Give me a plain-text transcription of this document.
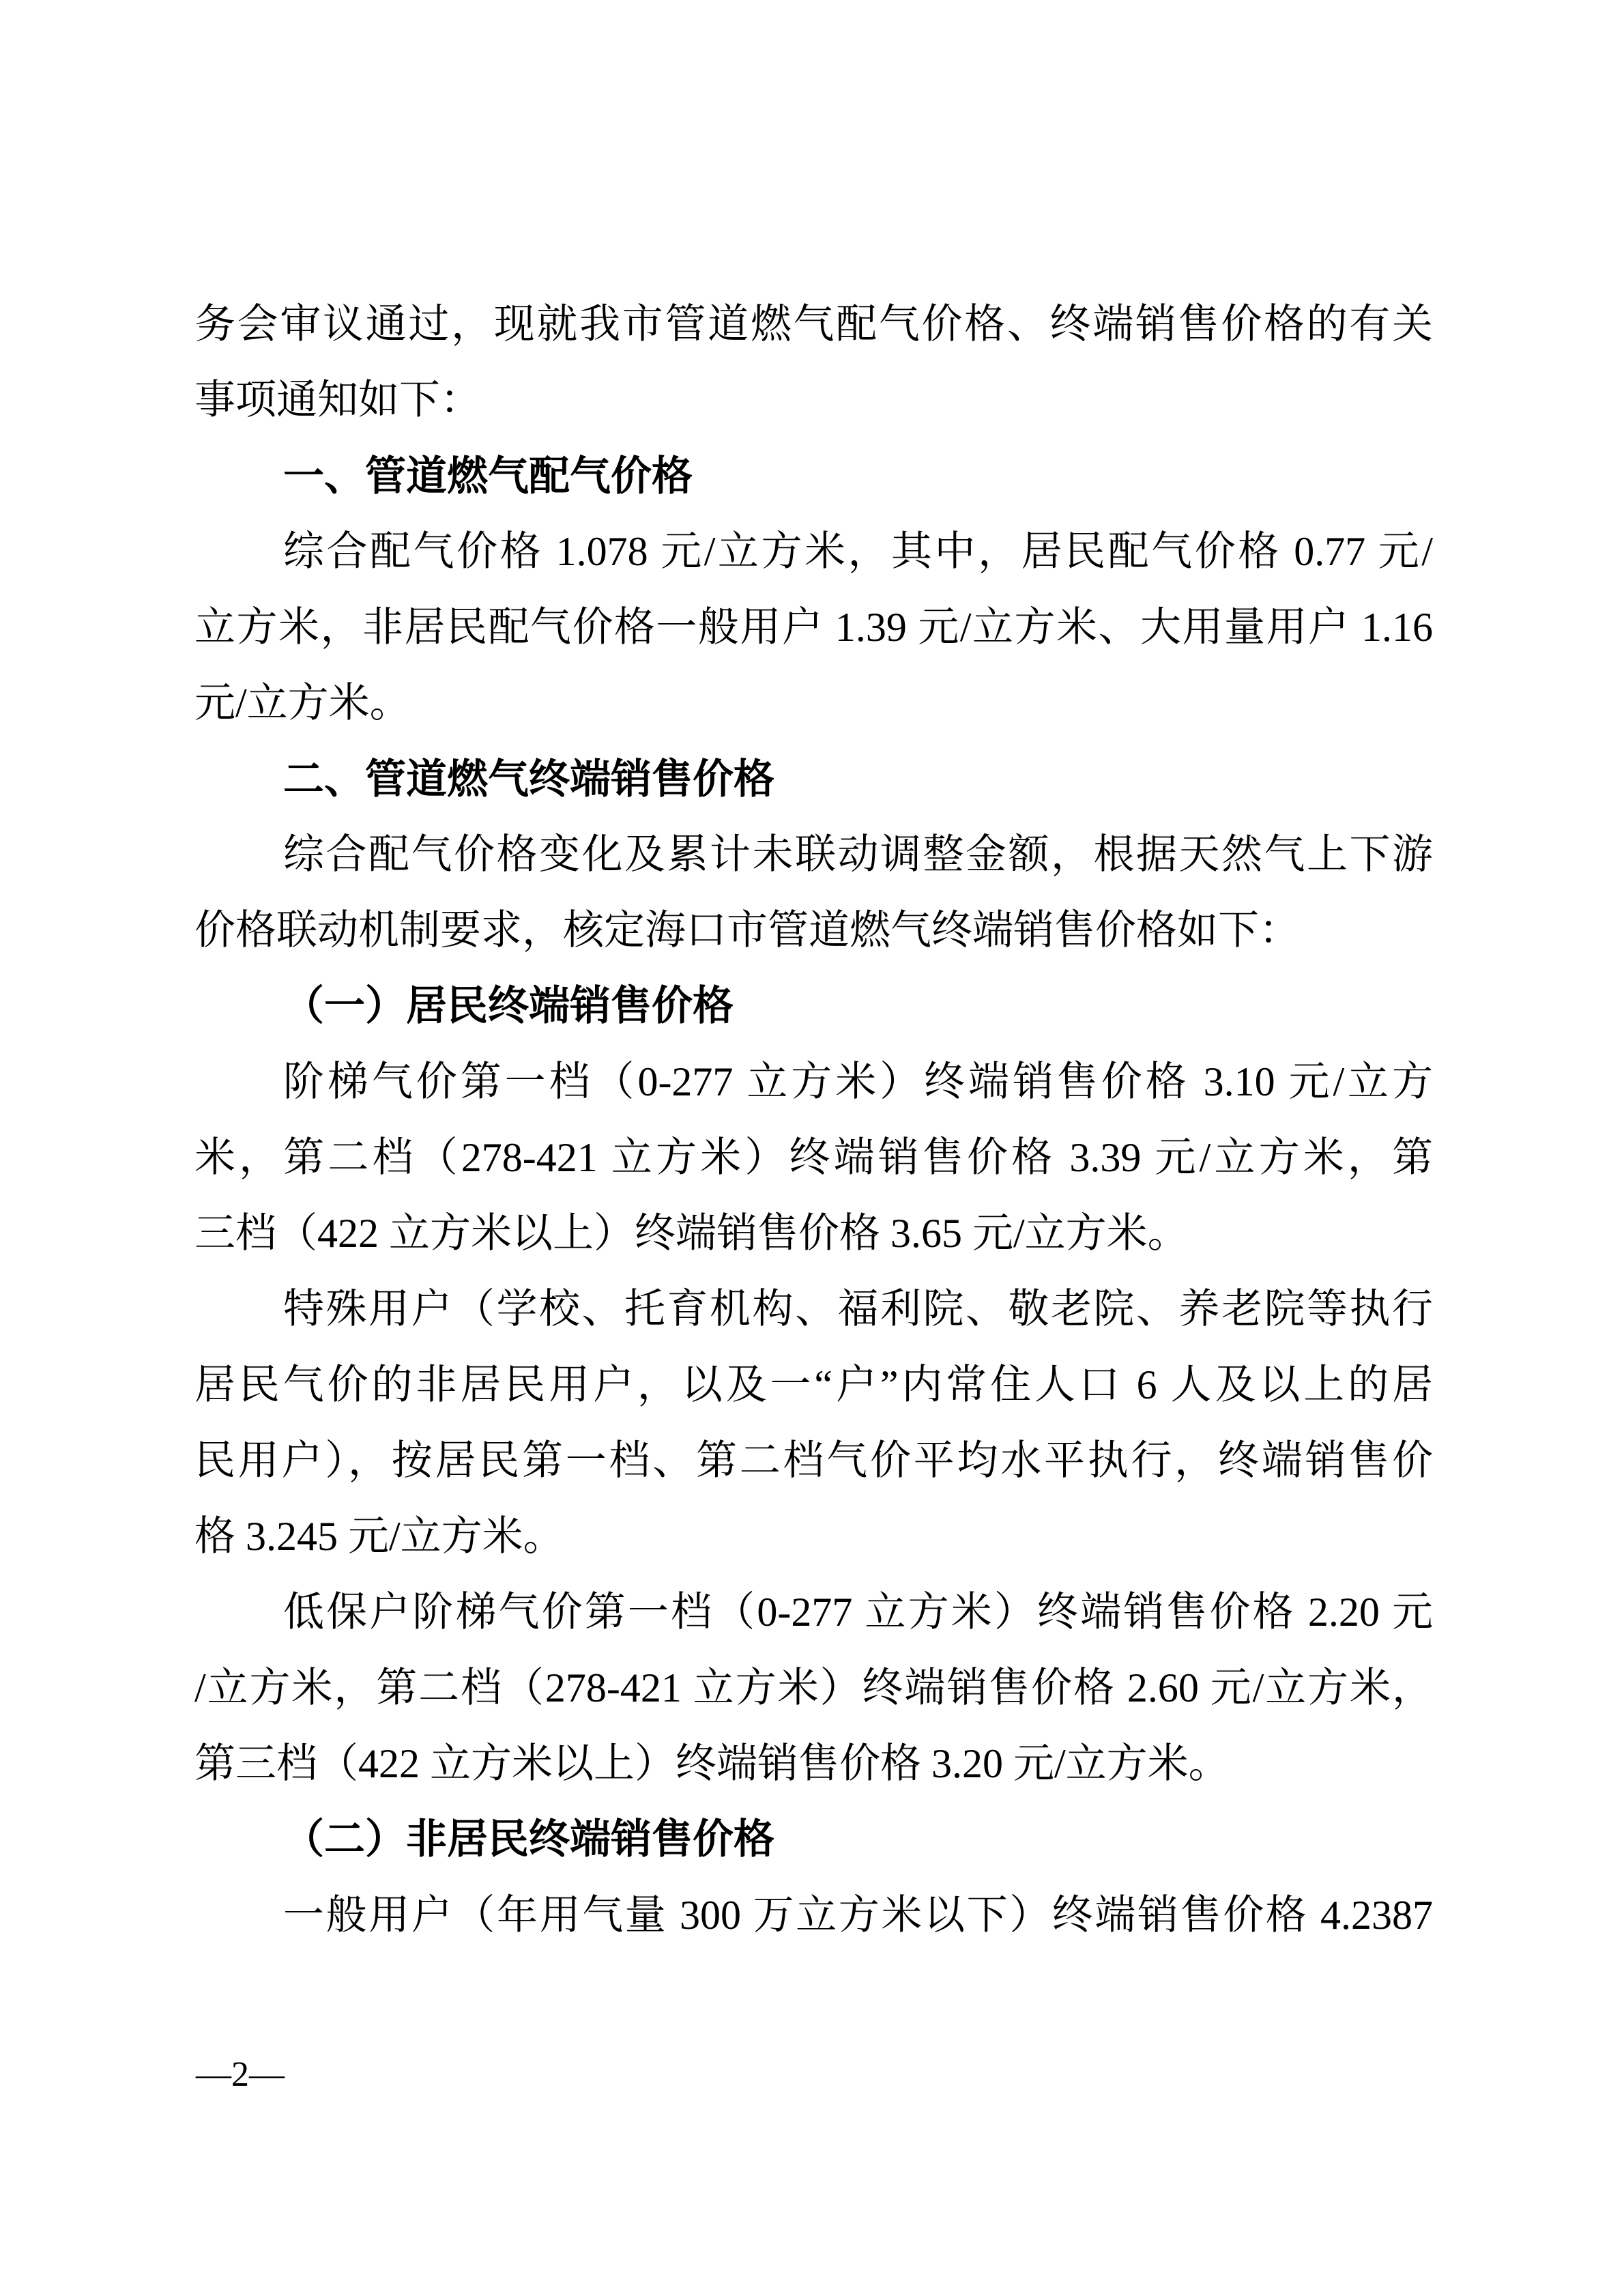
务会审议通过，现就我市管道燃气配气价格、终端销售价格的有关
事项通知如下：
一、管道燃气配气价格
综合配气价格 1.078 元/立方米，其中，居民配气价格 0.77 元/
立方米，非居民配气价格一般用户 1.39 元/立方米、大用量用户 1.16
元/立方米。
二、管道燃气终端销售价格
综合配气价格变化及累计未联动调整金额，根据天然气上下游
价格联动机制要求，核定海口市管道燃气终端销售价格如下：
（一）居民终端销售价格
阶梯气价第一档（0-277 立方米）终端销售价格 3.10 元/立方
米，第二档（278-421 立方米）终端销售价格 3.39 元/立方米，第
三档（422 立方米以上）终端销售价格 3.65 元/立方米。
特殊用户（学校、托育机构、福利院、敬老院、养老院等执行
居民气价的非居民用户，以及一“户”内常住人口 6 人及以上的居
民用户），按居民第一档、第二档气价平均水平执行，终端销售价
格 3.245 元/立方米。
低保户阶梯气价第一档（0-277 立方米）终端销售价格 2.20 元
/立方米，第二档（278-421 立方米）终端销售价格 2.60 元/立方米，
第三档（422 立方米以上）终端销售价格 3.20 元/立方米。
（二）非居民终端销售价格
一般用户（年用气量 300 万立方米以下）终端销售价格 4.2387
—2—
